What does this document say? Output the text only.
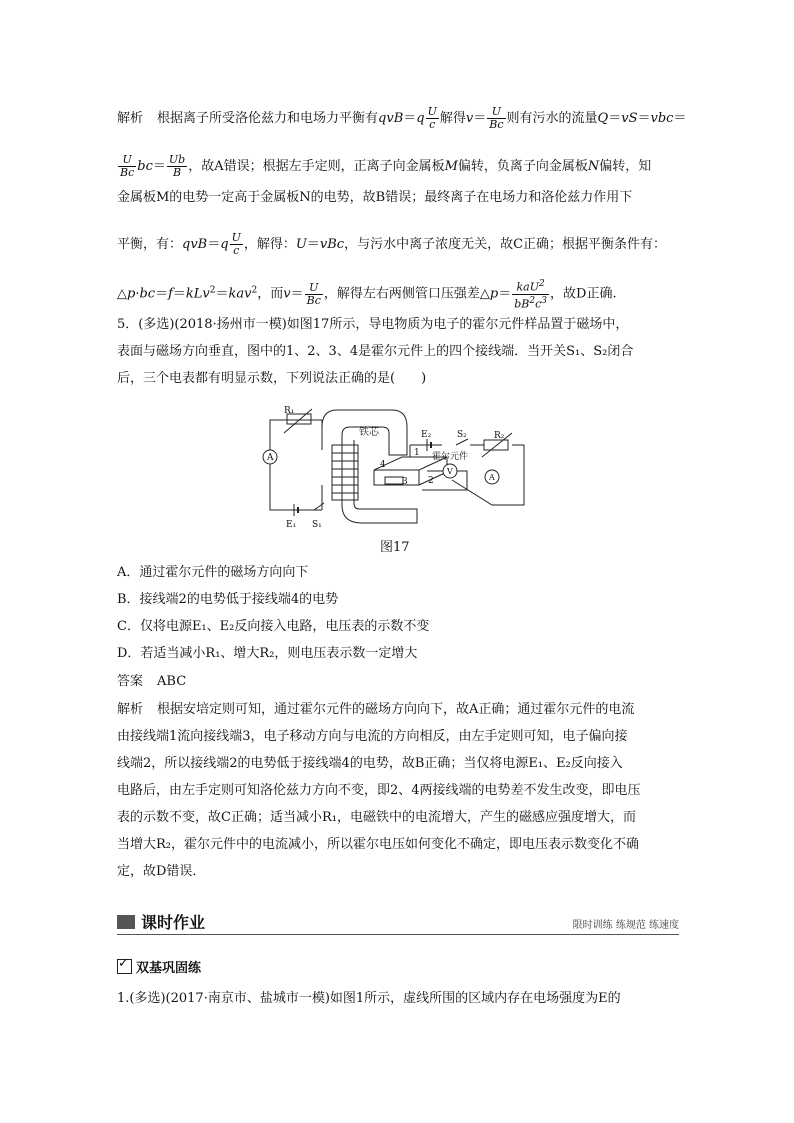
解析 根据离子所受洛伦兹力和电场力平衡有$qvB=q \frac{U}{c}$ 解得$v= \frac{U}{Bc}$ 则有污水的流量Q＝vS＝vbc＝
$\frac{U}{Bc} bc= \frac{Ub}{B}$ ，故A错误；根据左手定则，正离子向金属板M偏转，负离子向金属板N偏转，知
金属板M的电势一定高于金属板N的电势，故B错误；最终离子在电场力和洛伦兹力作用下
平衡，有：$qvB=q \frac{U}{c}$ ，解得：U＝vBc，与污水中离子浓度无关，故C正确；根据平衡条件有：
△p·bc＝f＝kLv$^2$＝kav$^2$，而$v= \frac{U}{Bc}$ ，解得左右两侧管口压强差△p＝ $\frac{kaU^2}{bB^2c^3}$ ，故D正确.
5．(多选)(2018·扬州市一模)如图17所示，导电物质为电子的霍尔元件样品置于磁场中，
表面与磁场方向垂直，图中的1、2、3、4是霍尔元件上的四个接线端．当开关S₁、S₂闭合
后，三个电表都有明显示数，下列说法正确的是(　　)
R₁
A
E₁ S₁
铁芯	E₂	S₂	R₂
霍尔元件
V
A
1
2
3
4
图17
A．通过霍尔元件的磁场方向向下
B．接线端2的电势低于接线端4的电势
C．仅将电源E₁、E₂反向接入电路，电压表的示数不变
D．若适当减小R₁、增大R₂，则电压表示数一定增大
答案 ABC
解析 根据安培定则可知，通过霍尔元件的磁场方向向下，故A正确；通过霍尔元件的电流
由接线端1流向接线端3，电子移动方向与电流的方向相反，由左手定则可知，电子偏向接
线端2，所以接线端2的电势低于接线端4的电势，故B正确；当仅将电源E₁、E₂反向接入
电路后，由左手定则可知洛伦兹力方向不变，即2、4两接线端的电势差不发生改变，即电压
表的示数不变，故C正确；适当减小R₁，电磁铁中的电流增大，产生的磁感应强度增大，而
当增大R₂，霍尔元件中的电流减小，所以霍尔电压如何变化不确定，即电压表示数变化不确
定，故D错误．
课时作业	限时训练 练规范 练速度
✓
双基巩固练
1.(多选)(2017·南京市、盐城市一模)如图1所示，虚线所围的区域内存在电场强度为E的
